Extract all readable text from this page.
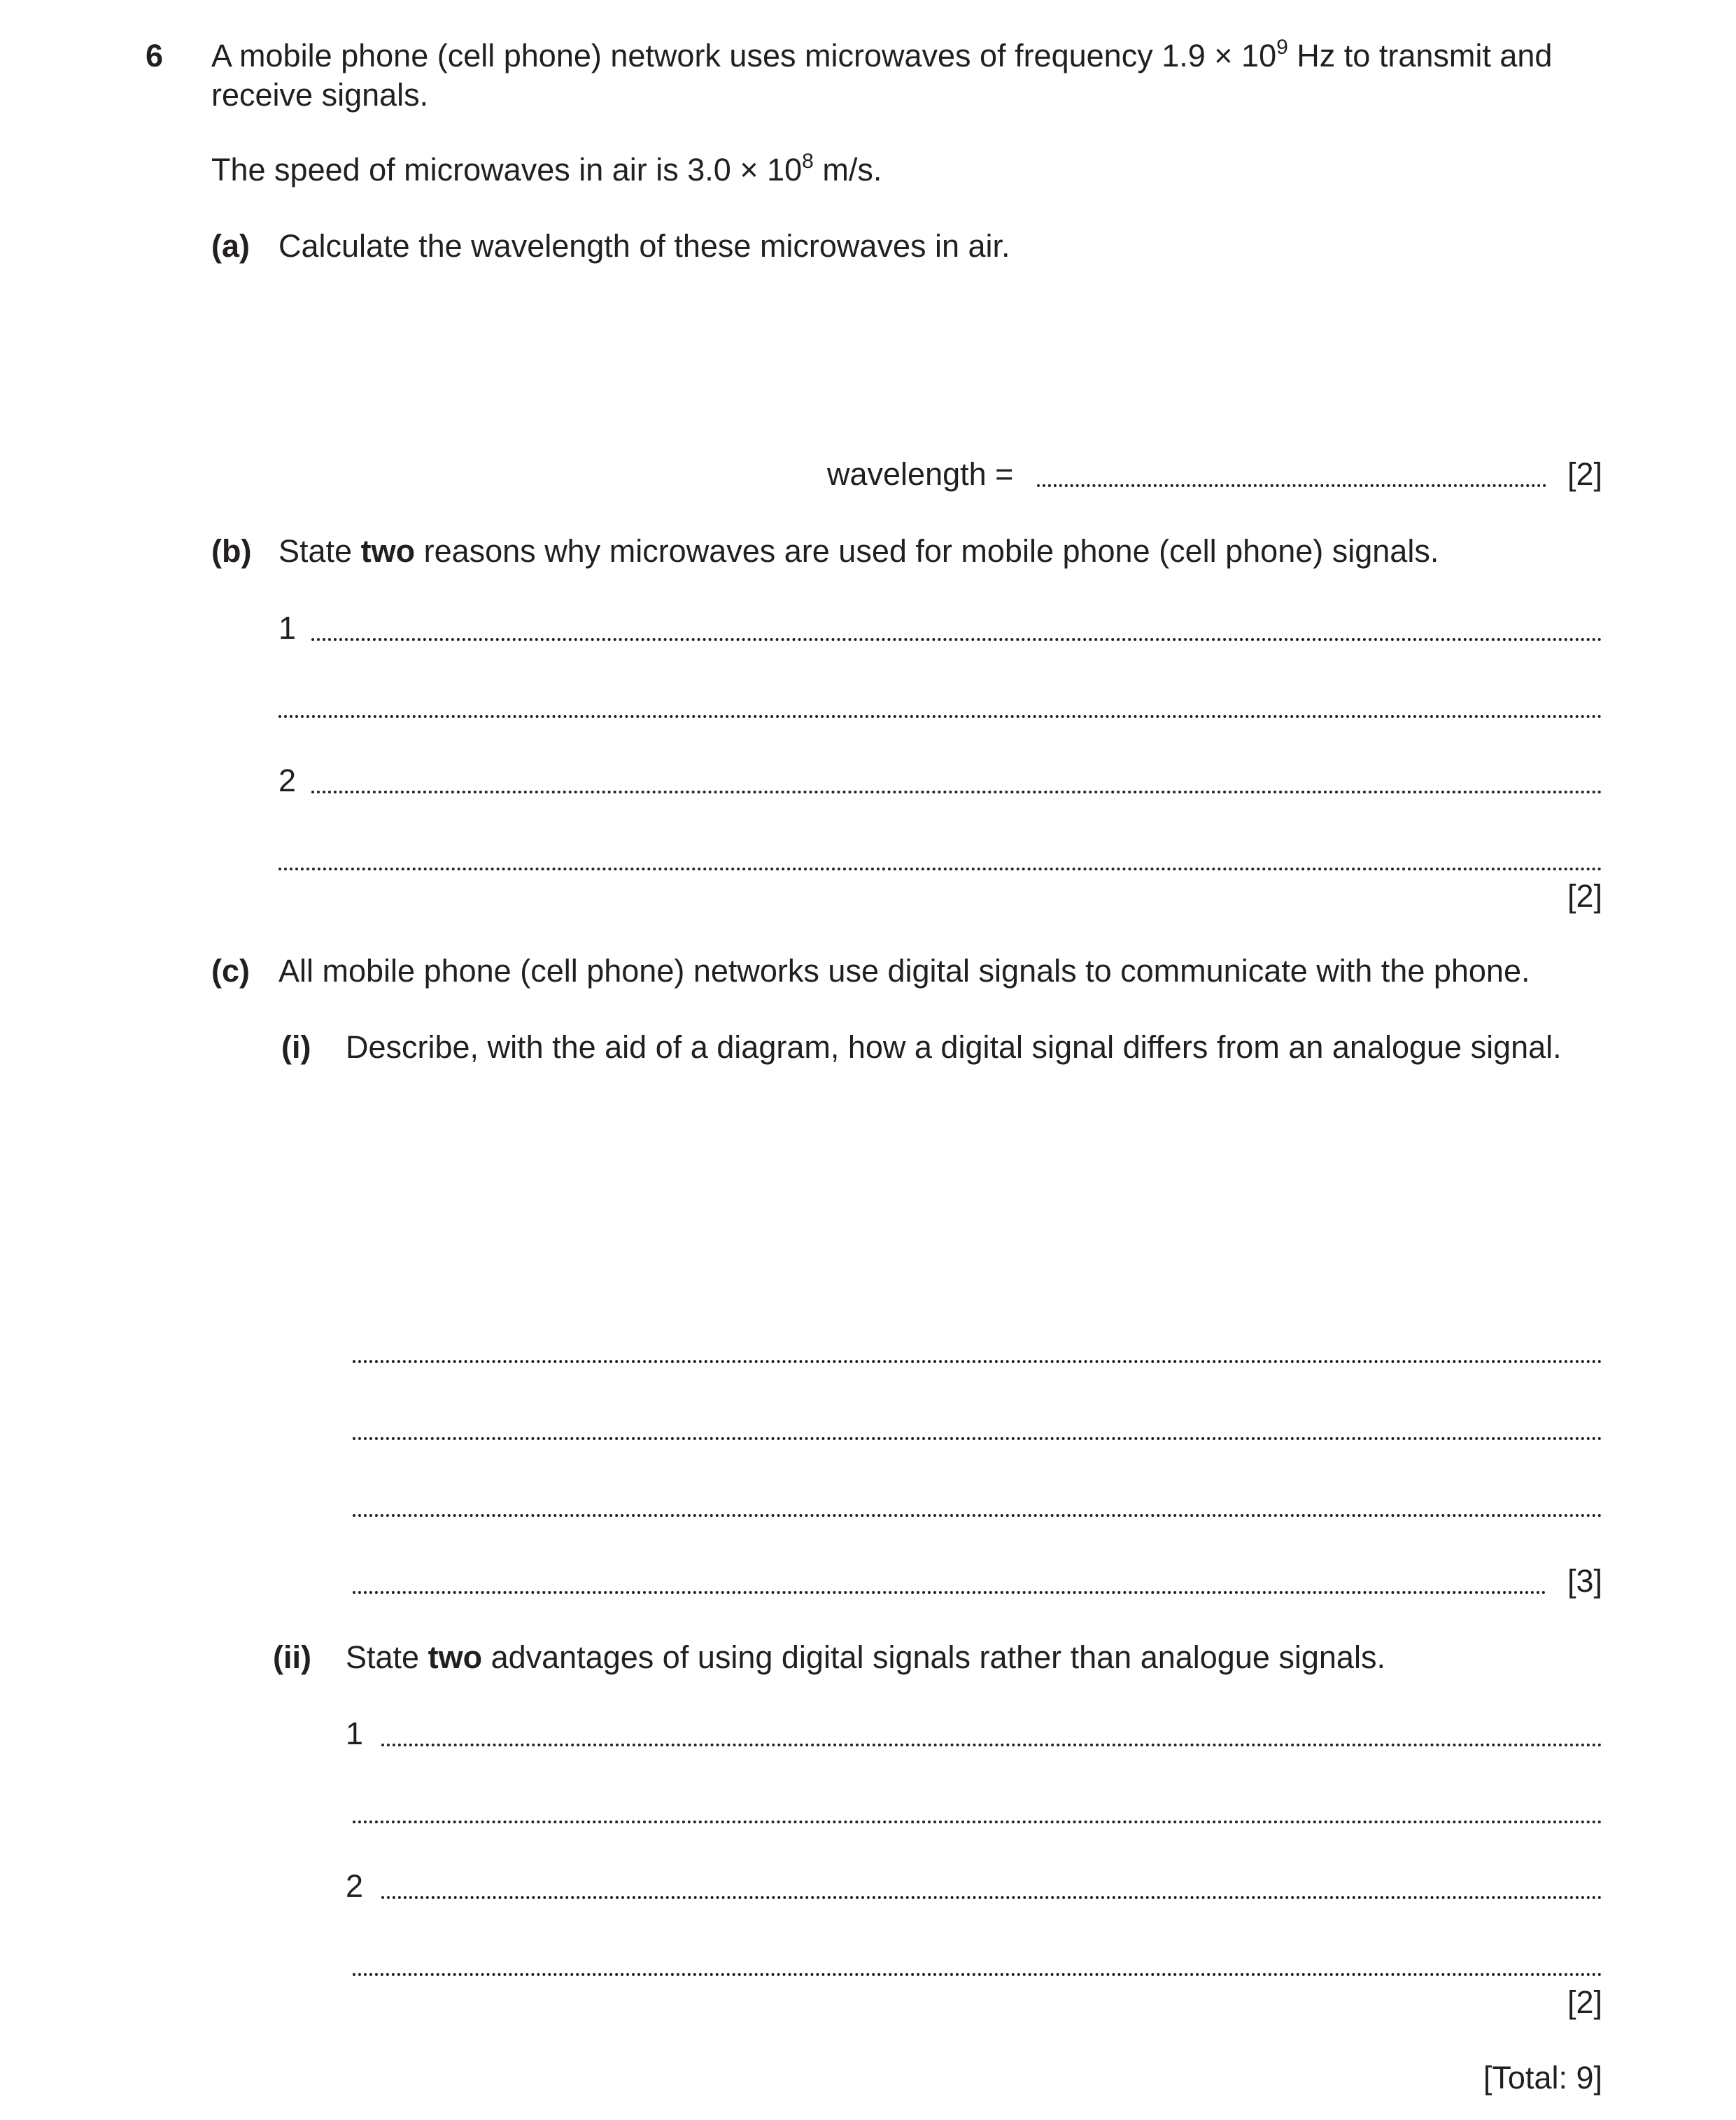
6 A mobile phone (cell phone) network uses microwaves of frequency $1.9 \times 10^9$ Hz to transmit and
receive signals.
The speed of microwaves in air is $3.0 \times 10^8$ m/s.
(a) Calculate the wavelength of these microwaves in air.
wavelength =	[2]
(b) State two reasons why microwaves are used for mobile phone (cell phone) signals.
1
2
[2]
(c) All mobile phone (cell phone) networks use digital signals to communicate with the phone.
(i) Describe, with the aid of a diagram, how a digital signal differs from an analogue signal.
[3]
(ii) State two advantages of using digital signals rather than analogue signals.
1
2
[2]
[Total: 9]
